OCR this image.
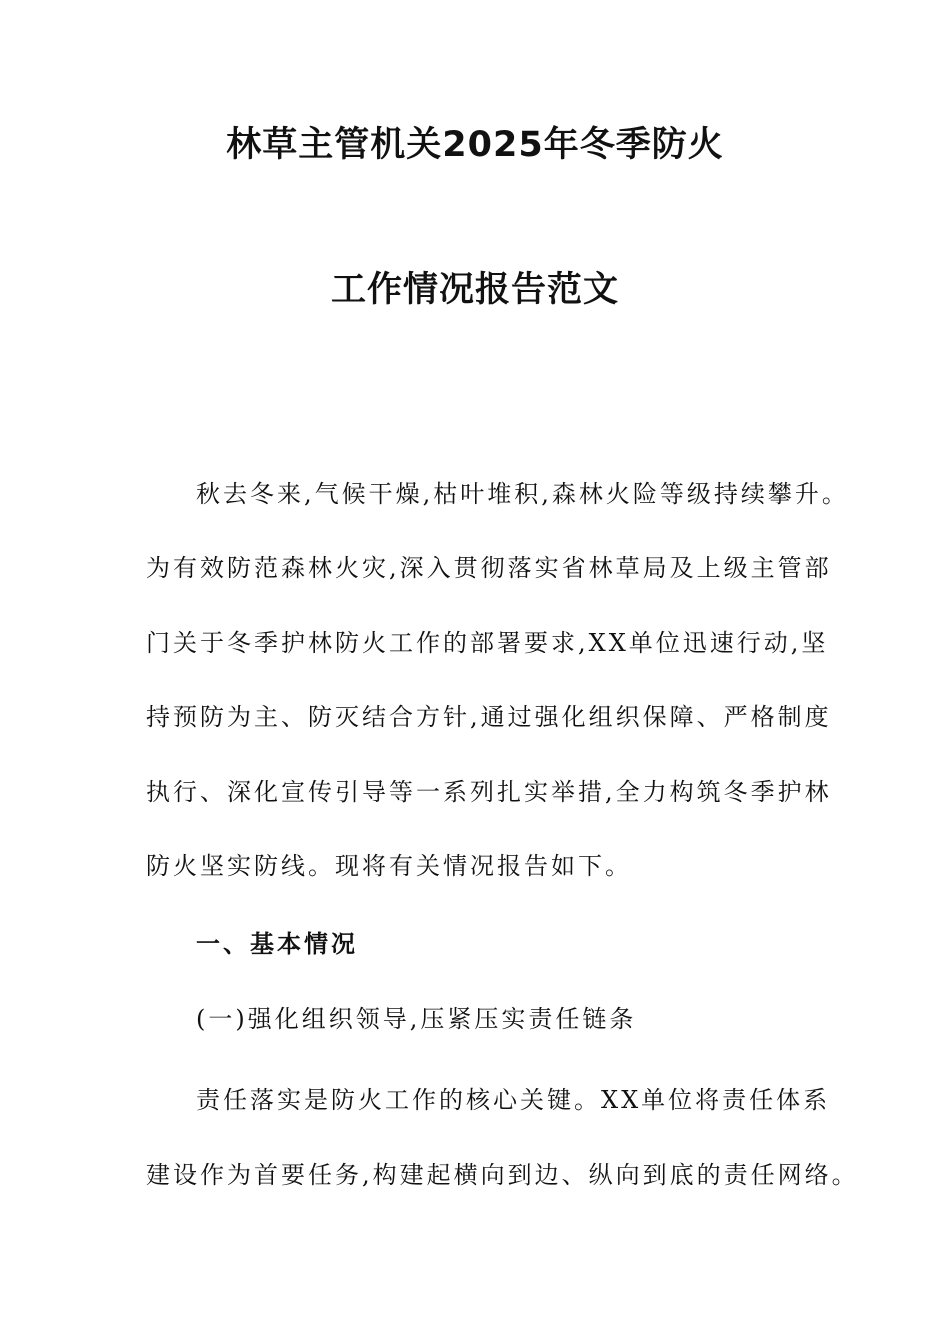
林草主管机关2025年冬季防火
工作情况报告范文
秋去冬来,气候干燥,枯叶堆积,森林火险等级持续攀升。
为有效防范森林火灾,深入贯彻落实省林草局及上级主管部
门关于冬季护林防火工作的部署要求,XX单位迅速行动,坚
持预防为主、防灭结合方针,通过强化组织保障、严格制度
执行、深化宣传引导等一系列扎实举措,全力构筑冬季护林
防火坚实防线。现将有关情况报告如下。
一、基本情况
(一)强化组织领导,压紧压实责任链条
责任落实是防火工作的核心关键。XX单位将责任体系
建设作为首要任务,构建起横向到边、纵向到底的责任网络。
